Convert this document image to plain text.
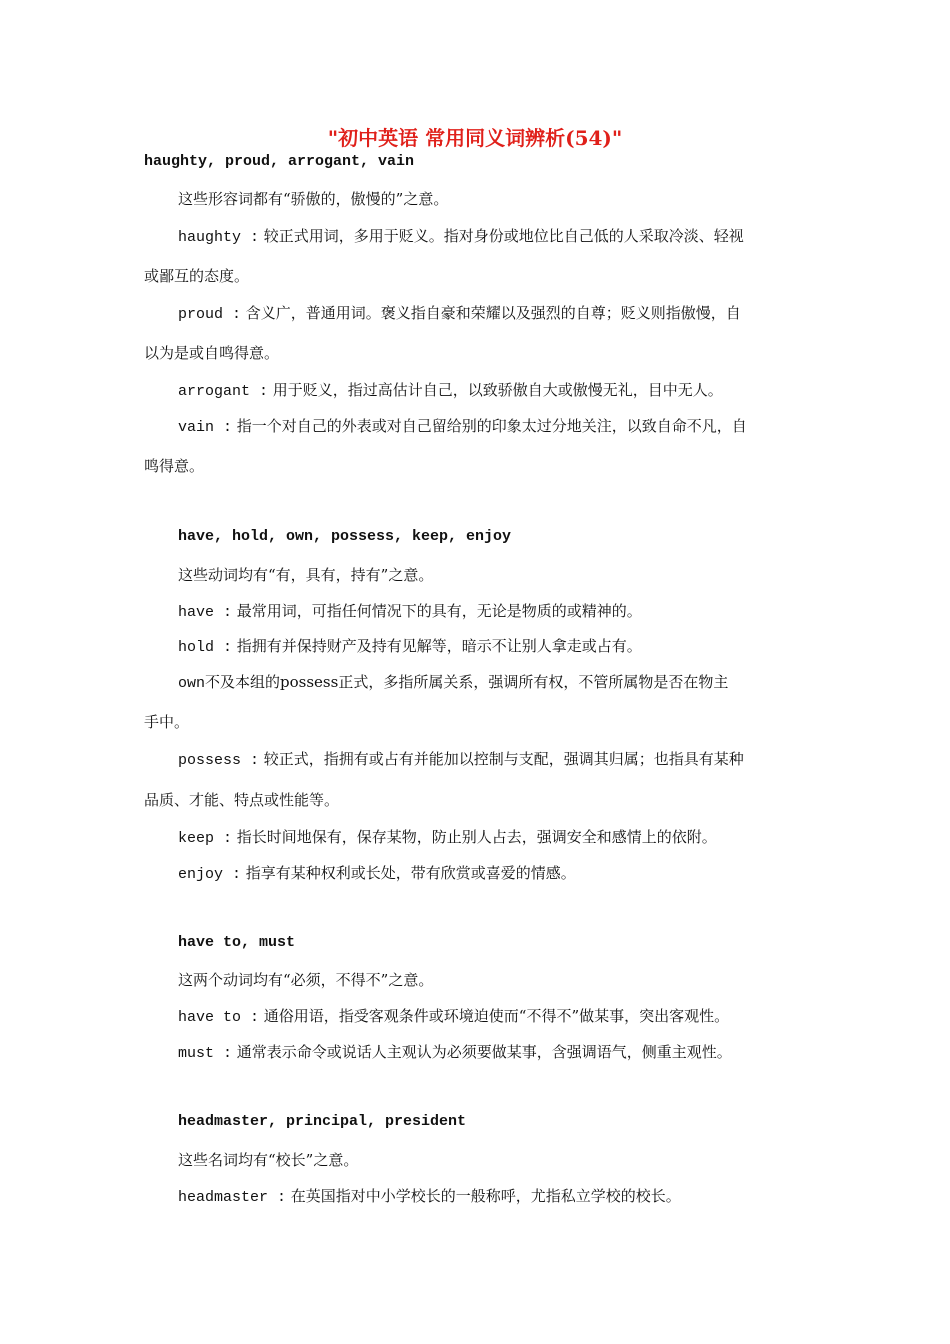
"初中英语 常用同义词辨析(54)"
haughty, proud, arrogant, vain
这些形容词都有“骄傲的，傲慢的”之意。
haughty : 较正式用词，多用于贬义。指对身份或地位比自己低的人采取冷淡、轻视
或鄙互的态度。
proud : 含义广，普通用词。褒义指自豪和荣耀以及强烈的自尊；贬义则指傲慢，自
以为是或自鸣得意。
arrogant : 用于贬义，指过高估计自己，以致骄傲自大或傲慢无礼，目中无人。
vain : 指一个对自己的外表或对自己留给别的印象太过分地关注，以致自命不凡，自
鸣得意。
have, hold, own, possess, keep, enjoy
这些动词均有“有，具有，持有”之意。
have : 最常用词，可指任何情况下的具有，无论是物质的或精神的。
hold : 指拥有并保持财产及持有见解等，暗示不让别人拿走或占有。
own不及本组的possess正式，多指所属关系，强调所有权，不管所属物是否在物主
手中。
possess : 较正式，指拥有或占有并能加以控制与支配，强调其归属；也指具有某种
品质、才能、特点或性能等。
keep : 指长时间地保有，保存某物，防止别人占去，强调安全和感情上的依附。
enjoy : 指享有某种权利或长处，带有欣赏或喜爱的情感。
have to, must
这两个动词均有“必须，不得不”之意。
have to : 通俗用语，指受客观条件或环境迫使而“不得不”做某事，突出客观性。
must : 通常表示命令或说话人主观认为必须要做某事，含强调语气，侧重主观性。
headmaster, principal, president
这些名词均有“校长”之意。
headmaster : 在英国指对中小学校长的一般称呼，尤指私立学校的校长。
